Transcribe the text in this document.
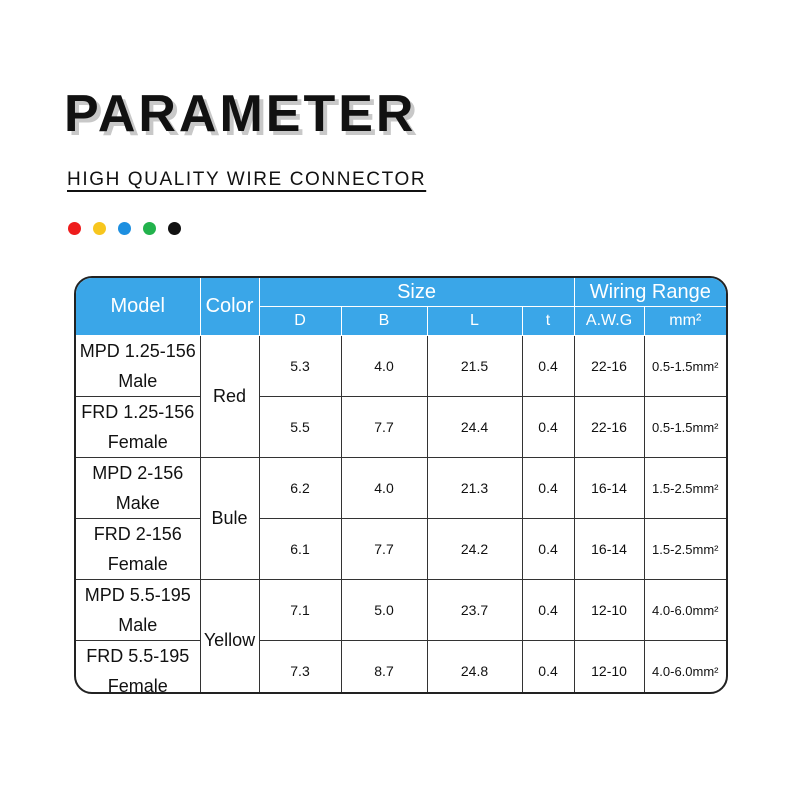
PARAMETER
HIGH QUALITY WIRE CONNECTOR
Model	Color	Size				Wiring Range	
		D	B	L	t	A.W.G	mm²
MPD 1.25-156
Male	Red	5.3	4.0	21.5	0.4	22-16	0.5-1.5mm²
FRD 1.25-156
Female		5.5	7.7	24.4	0.4	22-16	0.5-1.5mm²
MPD 2-156
Make	Bule	6.2	4.0	21.3	0.4	16-14	1.5-2.5mm²
FRD 2-156
Female		6.1	7.7	24.2	0.4	16-14	1.5-2.5mm²
MPD 5.5-195
Male	Yellow	7.1	5.0	23.7	0.4	12-10	4.0-6.0mm²
FRD 5.5-195
Female		7.3	8.7	24.8	0.4	12-10	4.0-6.0mm²
